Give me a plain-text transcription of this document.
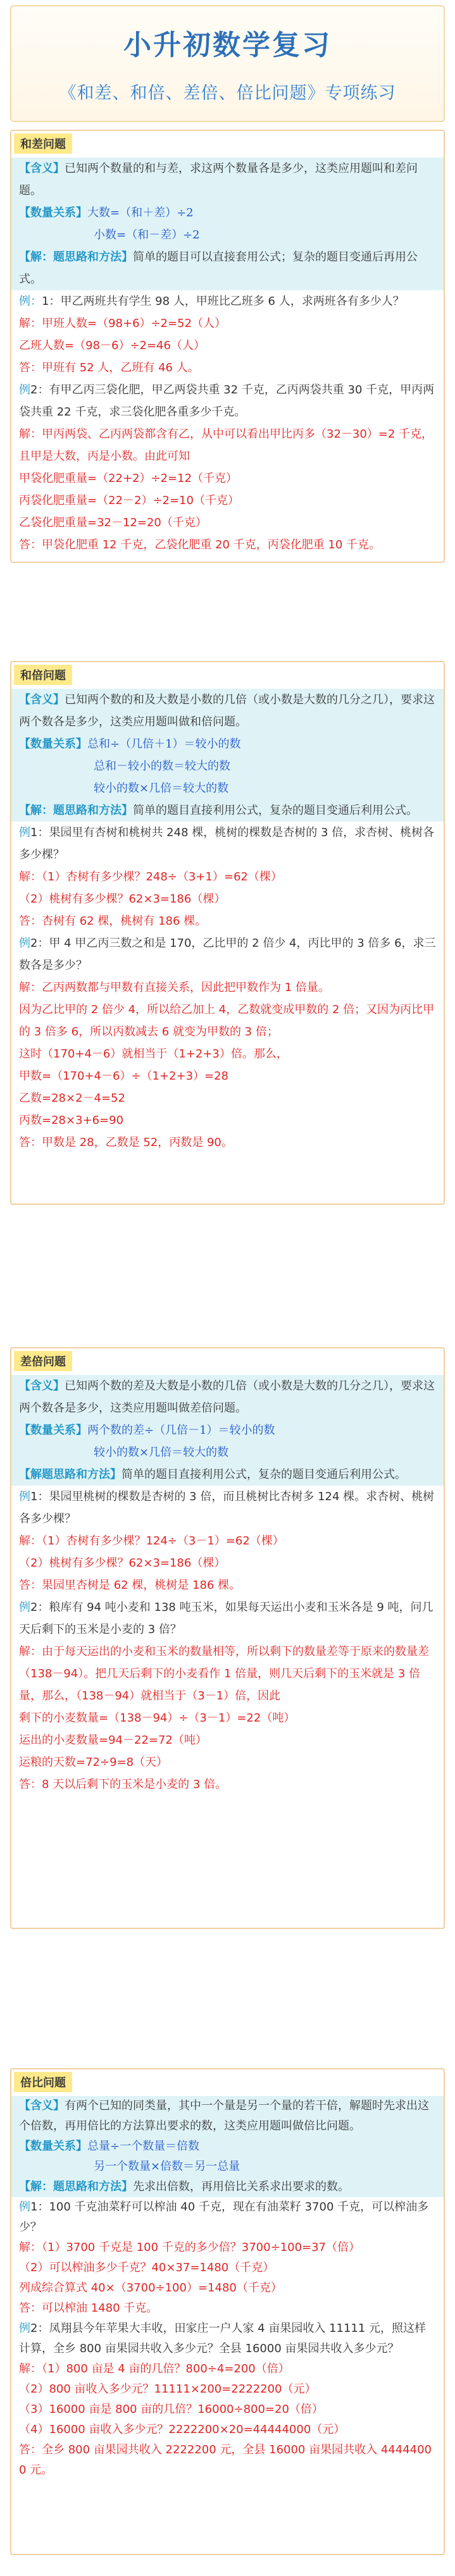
小升初数学复习
《和差、和倍、差倍、倍比问题》专项练习
和差问题
【含义】已知两个数量的和与差，求这两个数量各是多少，这类应用题叫和差问题。
【数量关系】大数=（和＋差）÷2
小数=（和－差）÷2
【解：题思路和方法】简单的题目可以直接套用公式；复杂的题目变通后再用公式。
例：1：甲乙两班共有学生 98 人，甲班比乙班多 6 人，求两班各有多少人？
解：甲班人数=（98+6）÷2=52（人）
乙班人数=（98－6）÷2=46（人）
答：甲班有 52 人，乙班有 46 人。
例2：有甲乙丙三袋化肥，甲乙两袋共重 32 千克，乙丙两袋共重 30 千克，甲丙两袋共重 22 千克，求三袋化肥各重多少千克。
解：甲丙两袋、乙丙两袋都含有乙，从中可以看出甲比丙多（32－30）=2 千克，且甲是大数，丙是小数。由此可知
甲袋化肥重量=（22+2）÷2=12（千克）
丙袋化肥重量=（22－2）÷2=10（千克）
乙袋化肥重量=32－12=20（千克）
答：甲袋化肥重 12 千克，乙袋化肥重 20 千克，丙袋化肥重 10 千克。
和倍问题
【含义】已知两个数的和及大数是小数的几倍（或小数是大数的几分之几），要求这两个数各是多少，这类应用题叫做和倍问题。
【数量关系】总和÷（几倍＋1）＝较小的数
总和－较小的数＝较大的数
较小的数×几倍＝较大的数
【解：题思路和方法】简单的题目直接利用公式，复杂的题目变通后利用公式。
例1：果园里有杏树和桃树共 248 棵，桃树的棵数是杏树的 3 倍，求杏树、桃树各多少棵？
解：（1）杏树有多少棵？248÷（3+1）=62（棵）
（2）桃树有多少棵？62×3=186（棵）
答：杏树有 62 棵，桃树有 186 棵。
例2：甲 4 甲乙丙三数之和是 170，乙比甲的 2 倍少 4，丙比甲的 3 倍多 6，求三数各是多少？
解：乙丙两数都与甲数有直接关系，因此把甲数作为 1 倍量。
因为乙比甲的 2 倍少 4，所以给乙加上 4，乙数就变成甲数的 2 倍；又因为丙比甲的 3 倍多 6，所以丙数减去 6 就变为甲数的 3 倍；
这时（170+4－6）就相当于（1+2+3）倍。那么，
甲数=（170+4－6）÷（1+2+3）=28
乙数=28×2－4=52
丙数=28×3+6=90
答：甲数是 28，乙数是 52，丙数是 90。
差倍问题
【含义】已知两个数的差及大数是小数的几倍（或小数是大数的几分之几），要求这两个数各是多少，这类应用题叫做差倍问题。
【数量关系】两个数的差÷（几倍－1）＝较小的数
较小的数×几倍＝较大的数
【解题思路和方法】简单的题目直接利用公式，复杂的题目变通后利用公式。
例1：果园里桃树的棵数是杏树的 3 倍，而且桃树比杏树多 124 棵。求杏树、桃树各多少棵？
解：（1）杏树有多少棵？124÷（3－1）=62（棵）
（2）桃树有多少棵？62×3=186（棵）
答：果园里杏树是 62 棵，桃树是 186 棵。
例2：粮库有 94 吨小麦和 138 吨玉米，如果每天运出小麦和玉米各是 9 吨，问几天后剩下的玉米是小麦的 3 倍？
解：由于每天运出的小麦和玉米的数量相等，所以剩下的数量差等于原来的数量差（138－94）。把几天后剩下的小麦看作 1 倍量，则几天后剩下的玉米就是 3 倍量，那么，（138－94）就相当于（3－1）倍，因此
剩下的小麦数量=（138－94）÷（3－1）=22（吨）
运出的小麦数量=94－22=72（吨）
运粮的天数=72÷9=8（天）
答：8 天以后剩下的玉米是小麦的 3 倍。
倍比问题
【含义】有两个已知的同类量，其中一个量是另一个量的若干倍，解题时先求出这个倍数，再用倍比的方法算出要求的数，这类应用题叫做倍比问题。
【数量关系】总量÷一个数量＝倍数
另一个数量×倍数＝另一总量
【解：题思路和方法】先求出倍数，再用倍比关系求出要求的数。
例1：100 千克油菜籽可以榨油 40 千克，现在有油菜籽 3700 千克，可以榨油多少？
解：（1）3700 千克是 100 千克的多少倍？3700÷100=37（倍）
（2）可以榨油多少千克？40×37=1480（千克）
列成综合算式 40×（3700÷100）=1480（千克）
答：可以榨油 1480 千克。
例2：凤翔县今年苹果大丰收，田家庄一户人家 4 亩果园收入 11111 元，照这样计算，全乡 800 亩果园共收入多少元？全县 16000 亩果园共收入多少元？
解：（1）800 亩是 4 亩的几倍？800÷4=200（倍）
（2）800 亩收入多少元？11111×200=2222200（元）
（3）16000 亩是 800 亩的几倍？16000÷800=20（倍）
（4）16000 亩收入多少元？2222200×20=44444000（元）
答：全乡 800 亩果园共收入 2222200 元，全县 16000 亩果园共收入 44444000 元。
